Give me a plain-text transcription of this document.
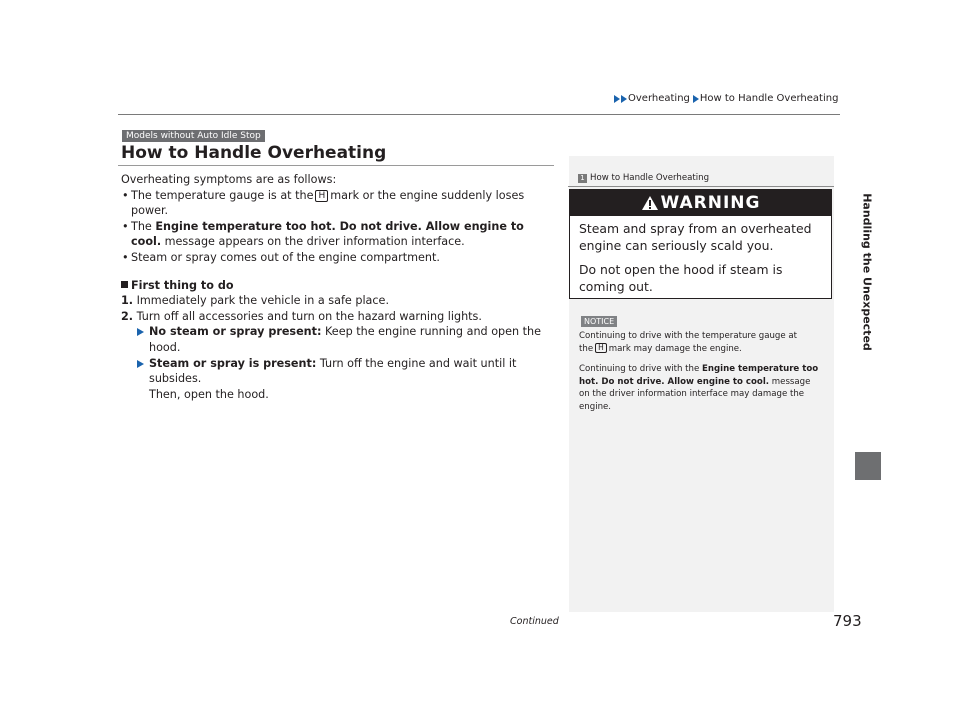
Overheating How to Handle Overheating
Handling the Unexpected
Models without Auto Idle Stop
How to Handle Overheating

Overheating symptoms are as follows:

• The temperature gauge is at the H mark or the engine suddenly loses power.

• The Engine temperature too hot. Do not drive. Allow engine to cool. message appears on the driver information interface.

• Steam or spray comes out of the engine compartment.

First thing to do

1. Immediately park the vehicle in a safe place.

2. Turn off all accessories and turn on the hazard warning lights.

No steam or spray present: Keep the engine running and open the hood.

Steam or spray is present: Turn off the engine and wait until it subsides.
Then, open the hood.

1 How to Handle Overheating
WARNING

Steam and spray from an overheated engine can seriously scald you.

Do not open the hood if steam is coming out.

NOTICE

Continuing to drive with the temperature gauge at
the H mark may damage the engine.

Continuing to drive with the Engine temperature too hot. Do not drive. Allow engine to cool. message on the driver information interface may damage the engine.

Continued	793
